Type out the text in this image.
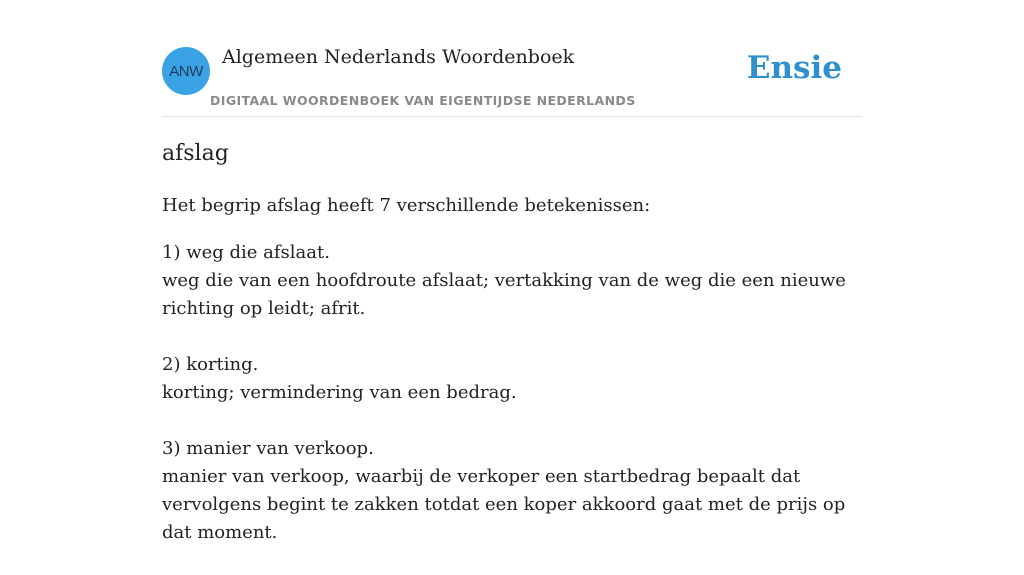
ANW
Algemeen Nederlands Woordenboek
DIGITAAL WOORDENBOEK VAN EIGENTIJDSE NEDERLANDS
Ensie
afslag

Het begrip afslag heeft 7 verschillende betekenissen:

1) weg die afslaat.
weg die van een hoofdroute afslaat; vertakking van de weg die een nieuwe richting op leidt; afrit.
2) korting.
korting; vermindering van een bedrag.
3) manier van verkoop.
manier van verkoop, waarbij de verkoper een startbedrag bepaalt dat vervolgens begint te zakken totdat een koper akkoord gaat met de prijs op dat moment.
